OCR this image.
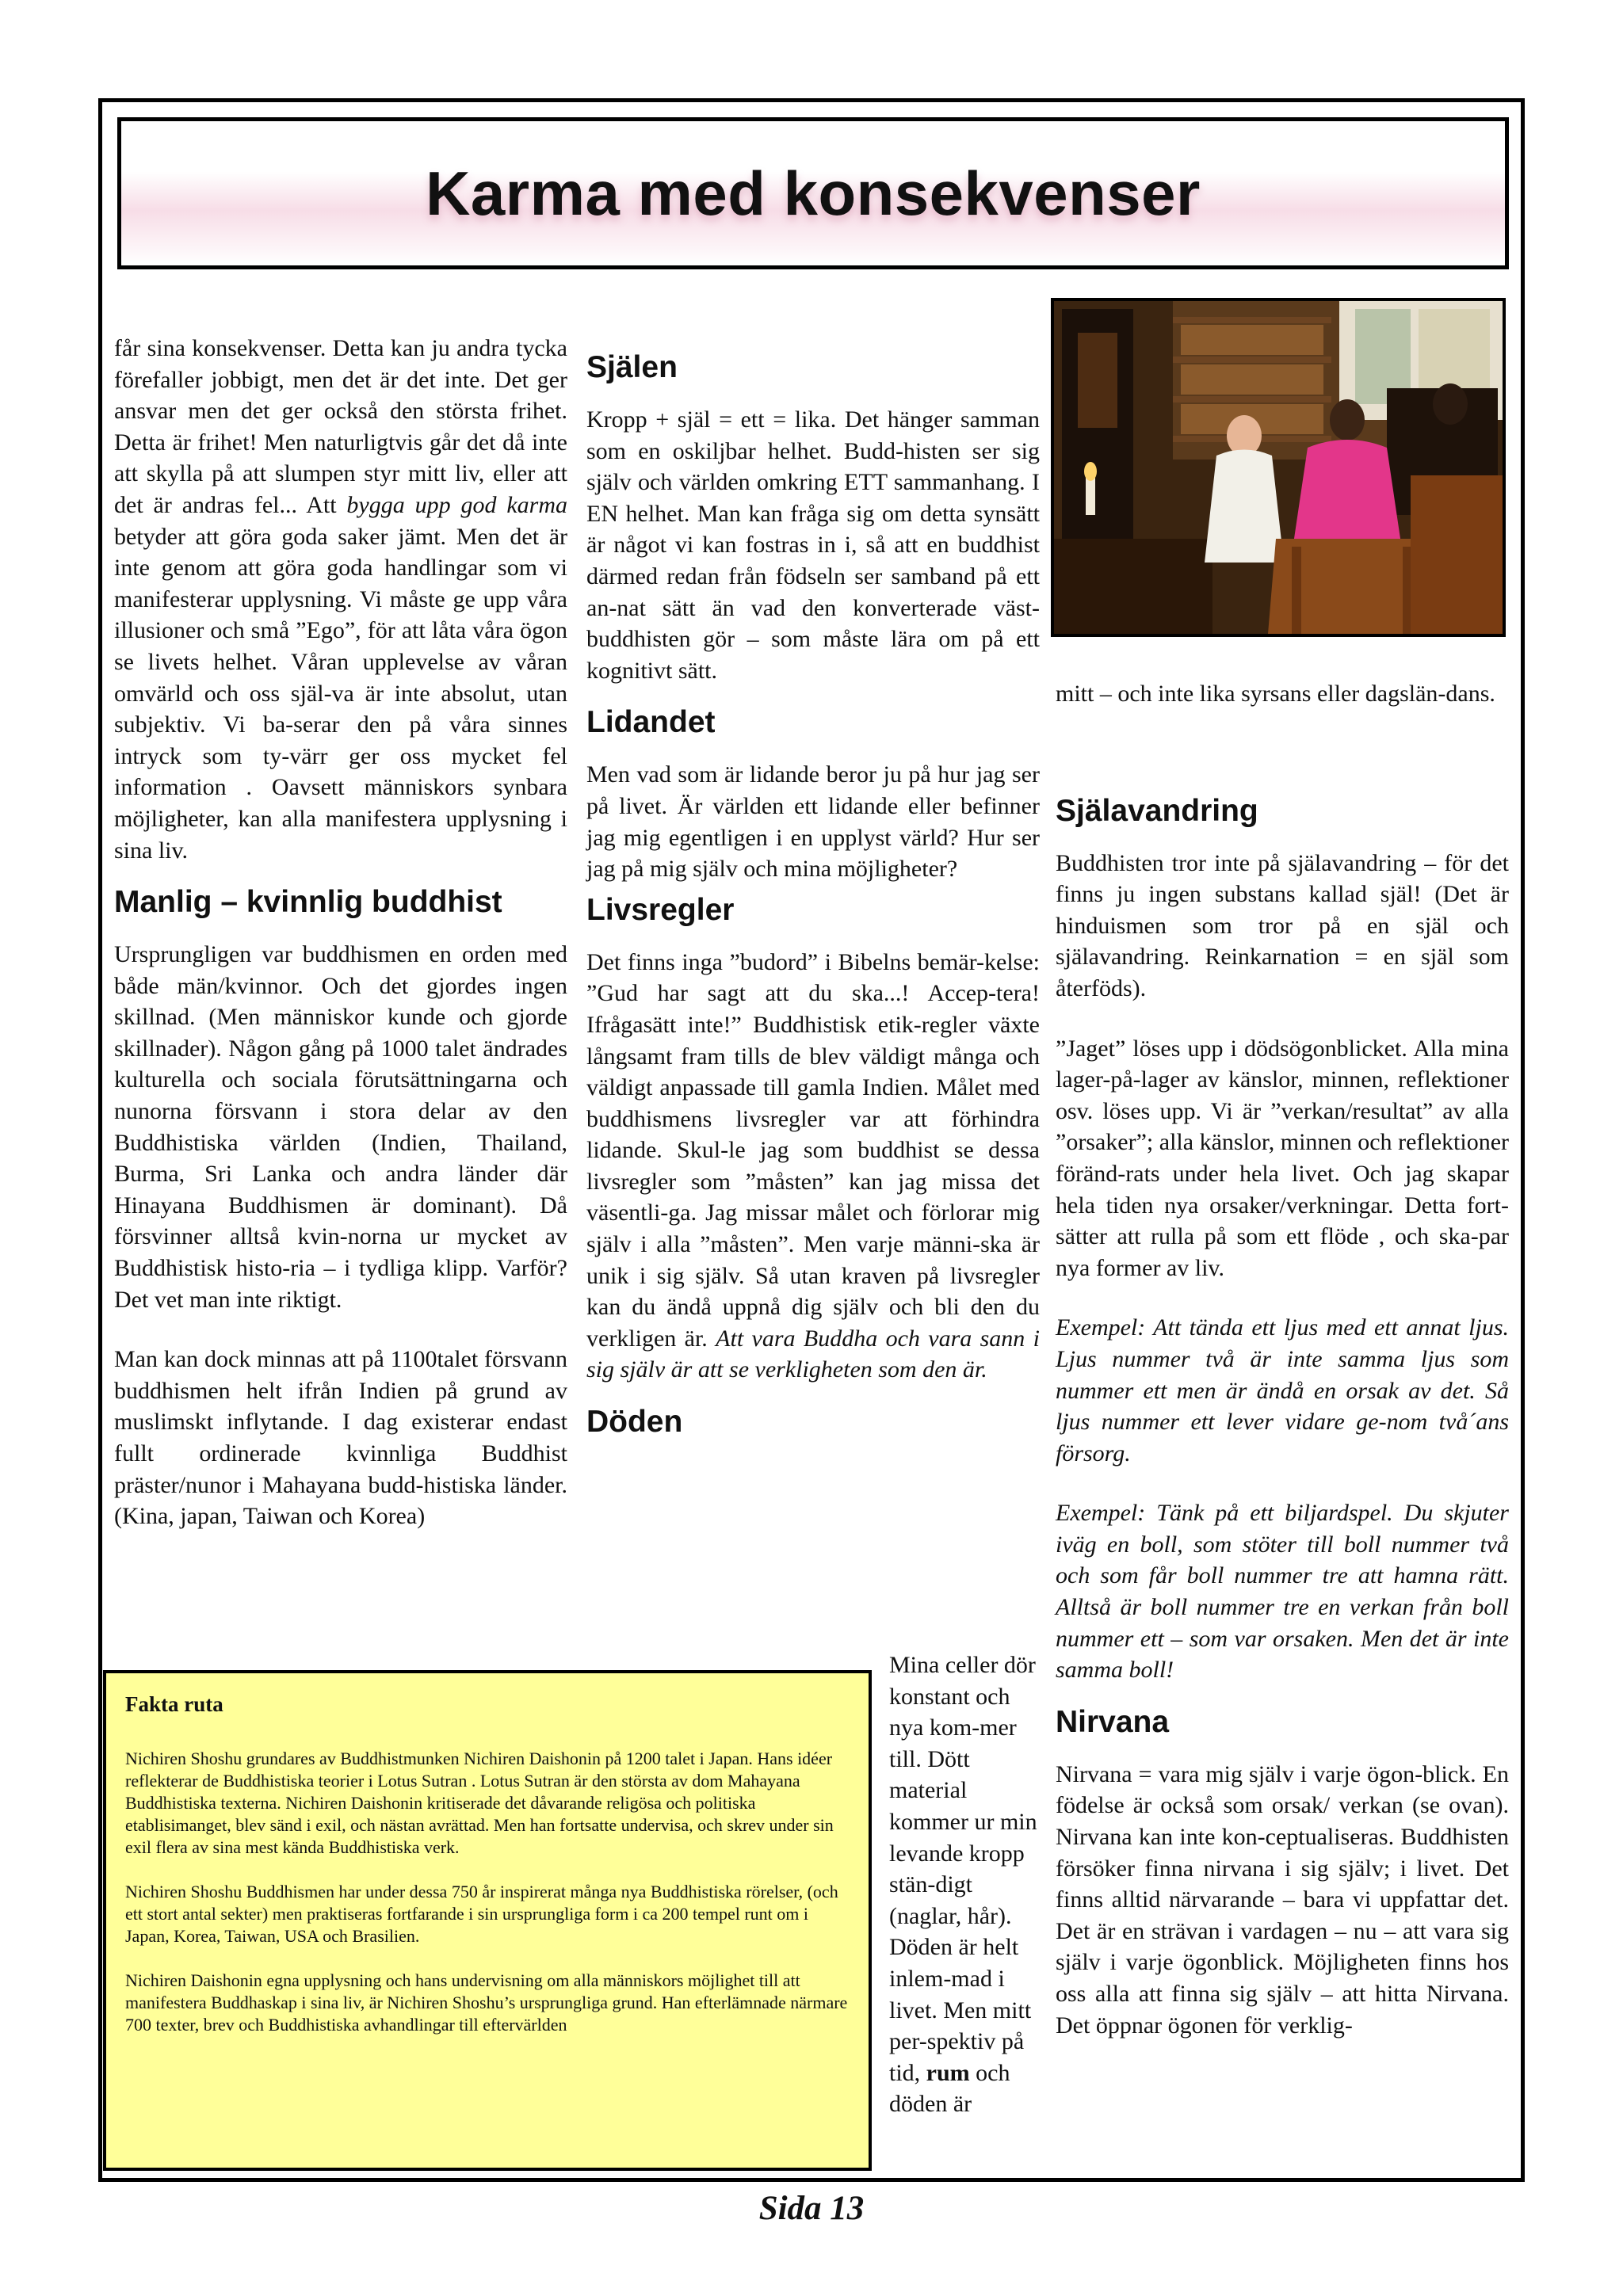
Karma med konsekvenser

får sina konsekvenser. Detta kan ju andra tycka förefaller jobbigt, men det är det inte. Det ger ansvar men det ger också den största frihet. Detta är frihet! Men naturligtvis går det då inte att skylla på att slumpen styr mitt liv, eller att det är andras fel... Att bygga upp god karma betyder att göra goda saker jämt. Men det är inte genom att göra goda handlingar som vi manifesterar upplysning. Vi måste ge upp våra illusioner och små ”Ego”, för att låta våra ögon se livets helhet. Våran upplevelse av våran omvärld och oss själ-va är inte absolut, utan subjektiv. Vi ba-serar den på våra sinnes intryck som ty-värr ger oss mycket fel information . Oavsett människors synbara möjligheter, kan alla manifestera upplysning i sina liv.

Manlig – kvinnlig buddhist

Ursprungligen var buddhismen en orden med både män/kvinnor. Och det gjordes ingen skillnad. (Men människor kunde och gjorde skillnader). Någon gång på 1000 talet ändrades kulturella och sociala förutsättningarna och nunorna försvann i stora delar av den Buddhistiska världen (Indien, Thailand, Burma, Sri Lanka och andra länder där Hinayana Buddhismen är dominant). Då försvinner alltså kvin-norna ur mycket av Buddhistisk histo-ria – i tydliga klipp. Varför? Det vet man inte riktigt.

Man kan dock minnas att på 1100talet försvann buddhismen helt ifrån Indien på grund av muslimskt inflytande. I dag existerar endast fullt ordinerade kvinnliga Buddhist präster/nunor i Mahayana budd-histiska länder. (Kina, japan, Taiwan och Korea)

Själen

Kropp + själ = ett = lika. Det hänger samman som en oskiljbar helhet. Budd-histen ser sig själv och världen omkring ETT sammanhang. I EN helhet. Man kan fråga sig om detta synsätt är något vi kan fostras in i, så att en buddhist därmed redan från födseln ser samband på ett an-nat sätt än vad den konverterade väst-buddhisten gör – som måste lära om på ett kognitivt sätt.

Lidandet

Men vad som är lidande beror ju på hur jag ser på livet. Är världen ett lidande eller befinner jag mig egentligen i en upplyst värld? Hur ser jag på mig själv och mina möjligheter?

Livsregler

Det finns inga ”budord” i Bibelns bemär-kelse: ”Gud har sagt att du ska...! Accep-tera! Ifrågasätt inte!” Buddhistisk etik-regler växte långsamt fram tills de blev väldigt många och väldigt anpassade till gamla Indien. Målet med buddhismens livsregler var att förhindra lidande. Skul-le jag som buddhist se dessa livsregler som ”måsten” kan jag missa det väsentli-ga. Jag missar målet och förlorar mig själv i alla ”måsten”. Men varje männi-ska är unik i sig själv. Så utan kraven på livsregler kan du ändå uppnå dig själv och bli den du verkligen är. Att vara Buddha och vara sann i sig själv är att se verkligheten som den är.

Döden
Mina celler dör konstant och nya kom-mer till. Dött material kommer ur min levande kropp stän-digt (naglar, hår). Döden är helt inlem-mad i livet. Men mitt per-spektiv på tid, rum och döden är

mitt – och inte lika syrsans eller dagslän-dans.

Själavandring

Buddhisten tror inte på själavandring – för det finns ju ingen substans kallad själ! (Det är hinduismen som tror på en själ och själavandring. Reinkarnation = en själ som återföds).

”Jaget” löses upp i dödsögonblicket. Alla mina lager-på-lager av känslor, minnen, reflektioner osv. löses upp. Vi är ”verkan/resultat” av alla ”orsaker”; alla känslor, minnen och reflektioner föränd-rats under hela livet. Och jag skapar hela tiden nya orsaker/verkningar. Detta fort-sätter att rulla på som ett flöde , och ska-par nya former av liv.

Exempel: Att tända ett ljus med ett annat ljus. Ljus nummer två är inte samma ljus som nummer ett men är ändå en orsak av det. Så ljus nummer ett lever vidare ge-nom två´ans försorg.

Exempel: Tänk på ett biljardspel. Du skjuter iväg en boll, som stöter till boll nummer två och som får boll nummer tre att hamna rätt. Alltså är boll nummer tre en verkan från boll nummer ett – som var orsaken. Men det är inte samma boll!

Nirvana

Nirvana = vara mig själv i varje ögon-blick. En födelse är också som orsak/ verkan (se ovan). Nirvana kan inte kon-ceptualiseras. Buddhisten försöker finna nirvana i sig själv; i livet. Det finns alltid närvarande – bara vi uppfattar det. Det är en strävan i vardagen – nu – att vara sig själv i varje ögonblick. Möjligheten finns hos oss alla att finna sig själv – att hitta Nirvana. Det öppnar ögonen för verklig-

Fakta ruta

Nichiren Shoshu grundares av Buddhistmunken Nichiren Daishonin på 1200 talet i Japan. Hans idéer reflekterar de Buddhistiska teorier i Lotus Sutran . Lotus Sutran är den största av dom Mahayana Buddhistiska texterna. Nichiren Daishonin kritiserade det dåvarande religösa och politiska etablisimanget, blev sänd i exil, och nästan avrättad. Men han fortsatte undervisa, och skrev under sin exil flera av sina mest kända Buddhistiska verk.

Nichiren Shoshu Buddhismen har under dessa 750 år inspirerat många nya Buddhistiska rörelser, (och ett stort antal sekter) men praktiseras fortfarande i sin ursprungliga form i ca 200 tempel runt om i Japan, Korea, Taiwan, USA och Brasilien.

Nichiren Daishonin egna upplysning och hans undervisning om alla människors möjlighet till att manifestera Buddhaskap i sina liv, är Nichiren Shoshu’s ursprungliga grund. Han efterlämnade närmare 700 texter, brev och Buddhistiska avhandlingar till eftervärlden

Sida 13
